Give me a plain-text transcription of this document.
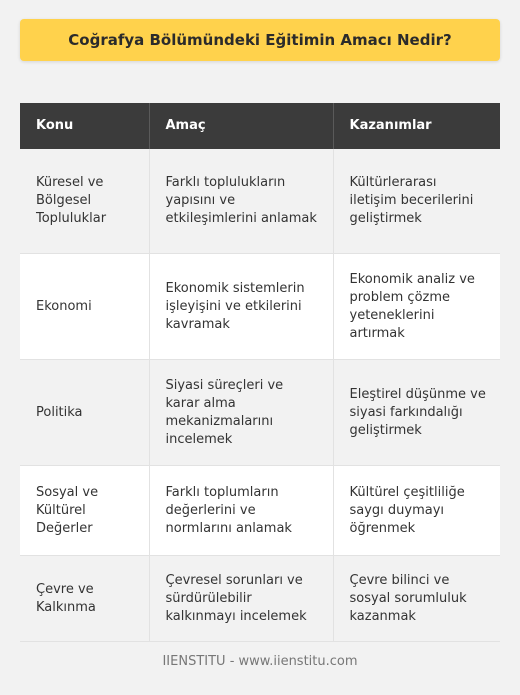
Coğrafya Bölümündeki Eğitimin Amacı Nedir?
Konu	Amaç	Kazanımlar
Küresel ve Bölgesel Topluluklar	Farklı toplulukların yapısını ve etkileşimlerini anlamak	Kültürlerarası iletişim becerilerini geliştirmek
Ekonomi	Ekonomik sistemlerin işleyişini ve etkilerini kavramak	Ekonomik analiz ve problem çözme yeteneklerini artırmak
Politika	Siyasi süreçleri ve karar alma mekanizmalarını incelemek	Eleştirel düşünme ve siyasi farkındalığı geliştirmek
Sosyal ve Kültürel Değerler	Farklı toplumların değerlerini ve normlarını anlamak	Kültürel çeşitliliğe saygı duymayı öğrenmek
Çevre ve Kalkınma	Çevresel sorunları ve sürdürülebilir kalkınmayı incelemek	Çevre bilinci ve sosyal sorumluluk kazanmak
IIENSTITU - www.iienstitu.com
